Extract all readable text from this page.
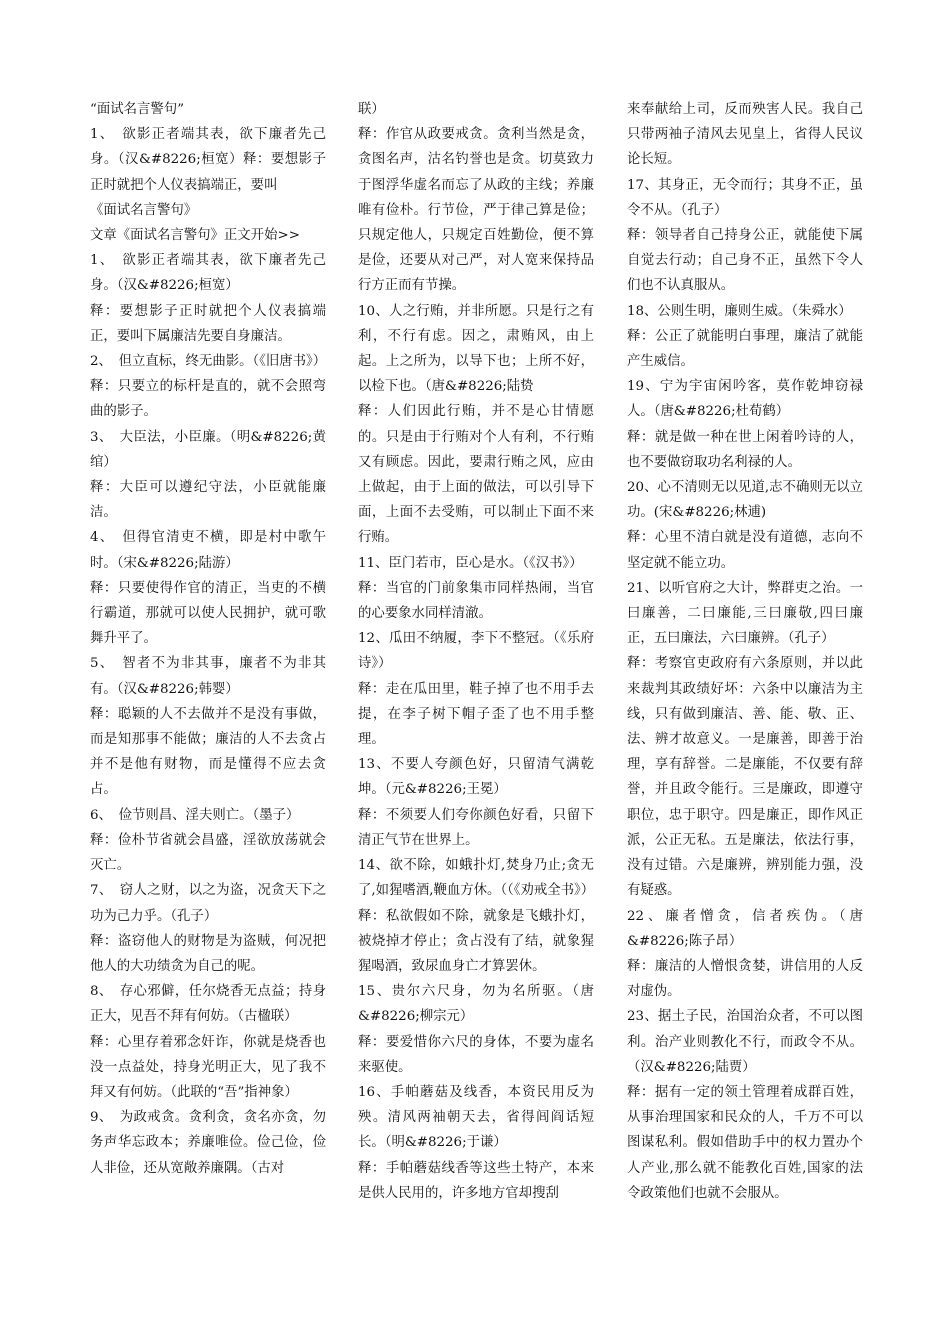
“面试名言警句”

1、　欲影正者端其表，欲下廉者先己身。（汉&#8226;桓宽）释：要想影子正时就把个人仪表搞端正，要叫

《面试名言警句》

文章《面试名言警句》正文开始>>

1、　欲影正者端其表，欲下廉者先己身。（汉&#8226;桓宽）

释：要想影子正时就把个人仪表搞端正，要叫下属廉洁先要自身廉洁。

2、　但立直标，终无曲影。（《旧唐书》）

释：只要立的标杆是直的，就不会照弯曲的影子。

3、　大臣法，小臣廉。（明&#8226;黄绾）

释：大臣可以遵纪守法，小臣就能廉洁。

4、　但得官清吏不横，即是村中歌午时。（宋&#8226;陆游）

释：只要使得作官的清正，当吏的不横行霸道，那就可以使人民拥护，就可歌舞升平了。

5、　智者不为非其事，廉者不为非其有。（汉&#8226;韩婴）

释：聪颖的人不去做并不是没有事做，而是知那事不能做；廉洁的人不去贪占并不是他有财物，而是懂得不应去贪占。

6、　俭节则昌、淫夫则亡。（墨子）

释：俭朴节省就会昌盛，淫欲放荡就会灭亡。

7、　窃人之财，以之为盗，况贪天下之功为己力乎。（孔子）

释：盗窃他人的财物是为盗贼，何况把他人的大功绩贪为自己的呢。

8、　存心邪僻，任尔烧香无点益；持身正大，见吾不拜有何妨。（古楹联）

释：心里存着邪念奸诈，你就是烧香也没一点益处，持身光明正大，见了我不拜又有何妨。（此联的“吾”指神象）

9、　为政戒贪。贪利贪，贪名亦贪，勿务声华忘政本；养廉唯俭。俭己俭，俭人非俭，还从宽敞养廉隅。（古对

联）

释：作官从政要戒贪。贪利当然是贪，贪图名声，沽名钓誉也是贪。切莫致力于图浮华虚名而忘了从政的主线；养廉唯有俭朴。行节俭，严于律己算是俭；只规定他人，只规定百姓勤俭，便不算是俭，还要从对己严，对人宽来保持品行方正而有节操。

10、人之行贿，并非所愿。只是行之有利，不行有虑。因之，肃贿风，由上起。上之所为，以导下也；上所不好，以检下也。（唐&#8226;陆贽

释：人们因此行贿，并不是心甘情愿的。只是由于行贿对个人有利，不行贿又有顾虑。因此，要肃行贿之风，应由上做起，由于上面的做法，可以引导下面，上面不去受贿，可以制止下面不来行贿。

11、臣门若市，臣心是水。（《汉书》）

释：当官的门前象集市同样热闹，当官的心要象水同样清澈。

12、瓜田不纳履，李下不整冠。（《乐府诗》）

释：走在瓜田里，鞋子掉了也不用手去提，在李子树下帽子歪了也不用手整理。

13、不要人夸颜色好，只留清气满乾坤。（元&#8226;王冕）

释：不须要人们夸你颜色好看，只留下清正气节在世界上。

14、欲不除，如蛾扑灯,焚身乃止;贪无了,如猩嗜酒,鞭血方休。（（《劝戒全书》）

释：私欲假如不除，就象是飞蛾扑灯，被烧掉才停止；贪占没有了结，就象猩猩喝酒，致尿血身亡才算罢休。

15、贵尔六尺身，勿为名所驱。（唐&#8226;柳宗元）

释：要爱惜你六尺的身体，不要为虚名来驱使。

16、手帕蘑菇及线香，本资民用反为殃。清风两袖朝天去，省得闾阎话短长。（明&#8226;于谦）

释：手帕蘑菇线香等这些土特产，本来是供人民用的，许多地方官却搜刮

来奉献给上司，反而殃害人民。我自己只带两袖子清风去见皇上，省得人民议论长短。

17、其身正，无令而行；其身不正，虽令不从。（孔子）

释：领导者自己持身公正，就能使下属自觉去行动；自己身不正，虽然下令人们也不认真服从。

18、公则生明，廉则生威。（朱舜水）

释：公正了就能明白事理，廉洁了就能产生威信。

19、宁为宇宙闲吟客，莫作乾坤窃禄人。（唐&#8226;杜荀鹤）

释：就是做一种在世上闲着吟诗的人，也不要做窃取功名利禄的人。

20、心不清则无以见道,志不确则无以立功。(宋&#8226;林逋)

释：心里不清白就是没有道德，志向不坚定就不能立功。

21、以听官府之大计，弊群吏之治。一曰廉善，二曰廉能,三曰廉敬,四曰廉正，五曰廉法，六曰廉辨。（孔子）

释：考察官吏政府有六条原则，并以此来裁判其政绩好坏：六条中以廉洁为主线，只有做到廉洁、善、能、敬、正、法、辨才故意义。一是廉善，即善于治理，享有辞誉。二是廉能，不仅要有辞誉，并且政令能行。三是廉政，即遵守职位，忠于职守。四是廉正，即作风正派，公正无私。五是廉法，依法行事，没有过错。六是廉辨，辨别能力强，没有疑惑。

22、廉者憎贪，信者疾伪。（唐&#8226;陈子昂）

释：廉洁的人憎恨贪婪，讲信用的人反对虚伪。

23、据土子民，治国治众者，不可以图利。治产业则教化不行，而政令不从。（汉&#8226;陆贾）

释：据有一定的领土管理着成群百姓，从事治理国家和民众的人，千万不可以图谋私利。假如借助手中的权力置办个人产业,那么就不能教化百姓,国家的法令政策他们也就不会服从。
